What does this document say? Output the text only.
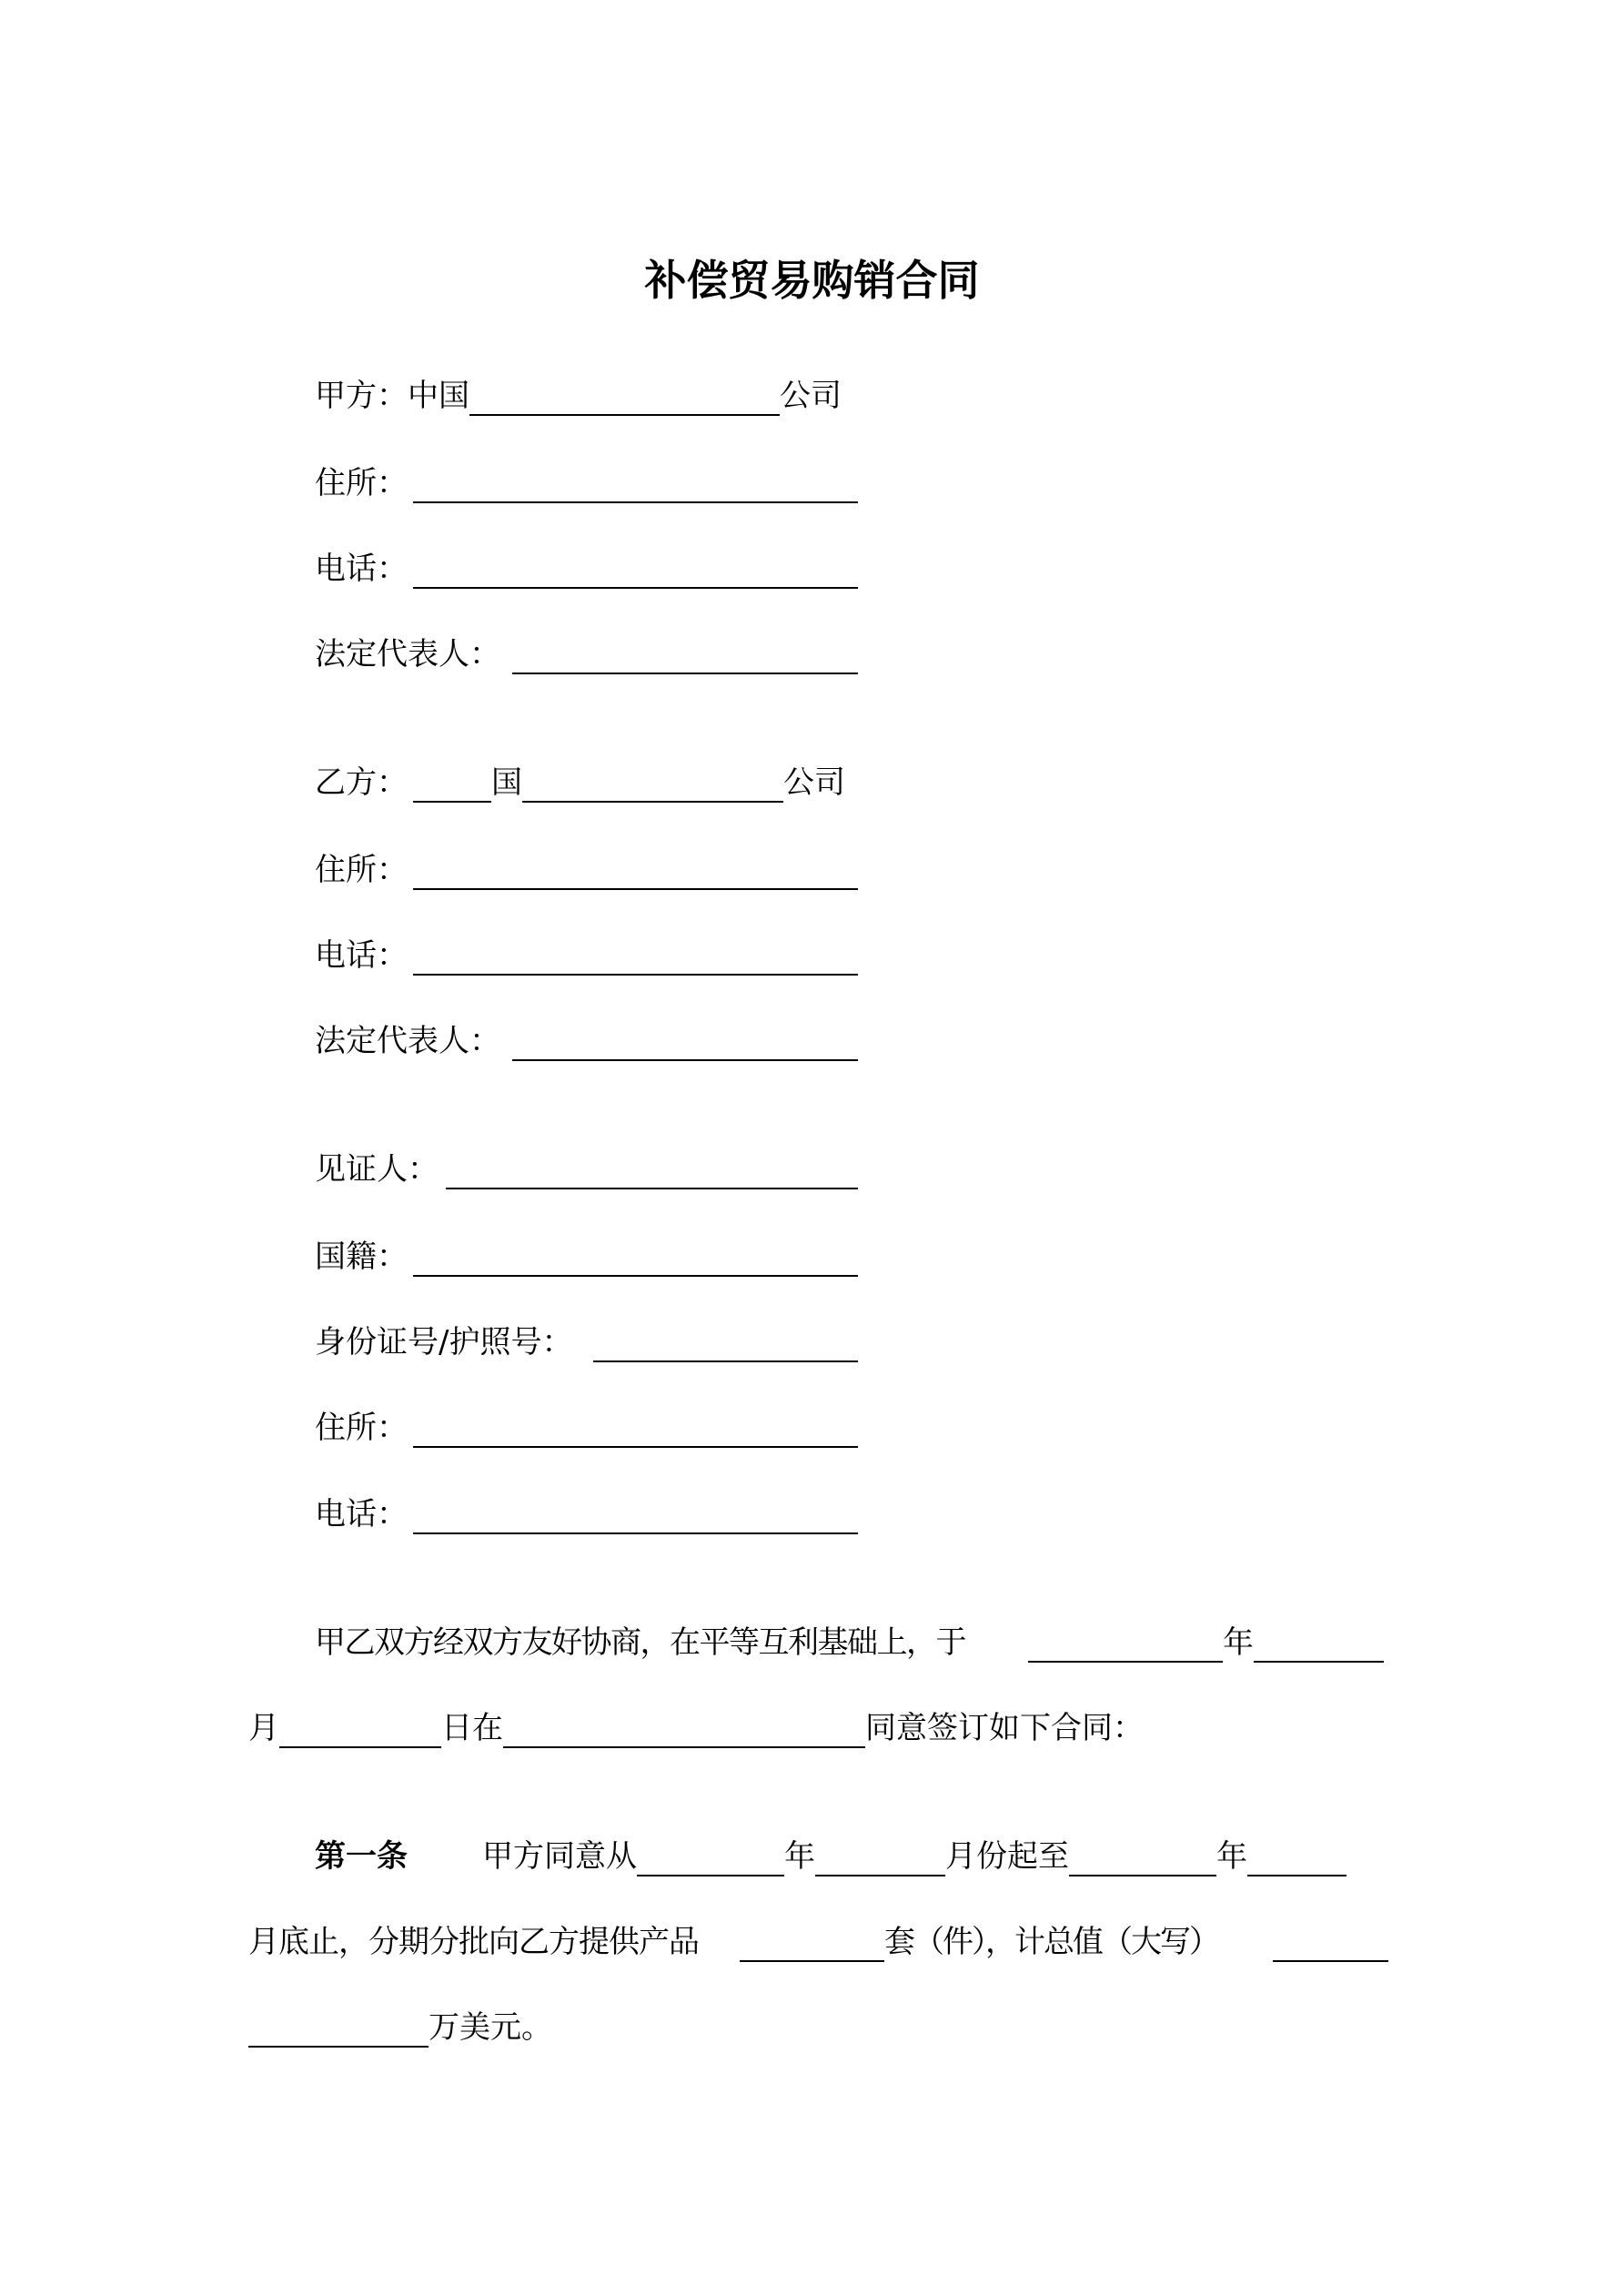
补偿贸易购销合同
甲方：中国	公司
住所：
电话：
法定代表人：
乙方：	国	公司
住所：
电话：
法定代表人：
见证人：
国籍：
身份证号/护照号：
住所：
电话：
甲乙双方经双方友好协商，在平等互利基础上，于	年
月	日在	同意签订如下合同：
第一条	甲方同意从	年	月份起至	年
月底止，分期分批向乙方提供产品	套（件），计总值（大写）
万美元。
